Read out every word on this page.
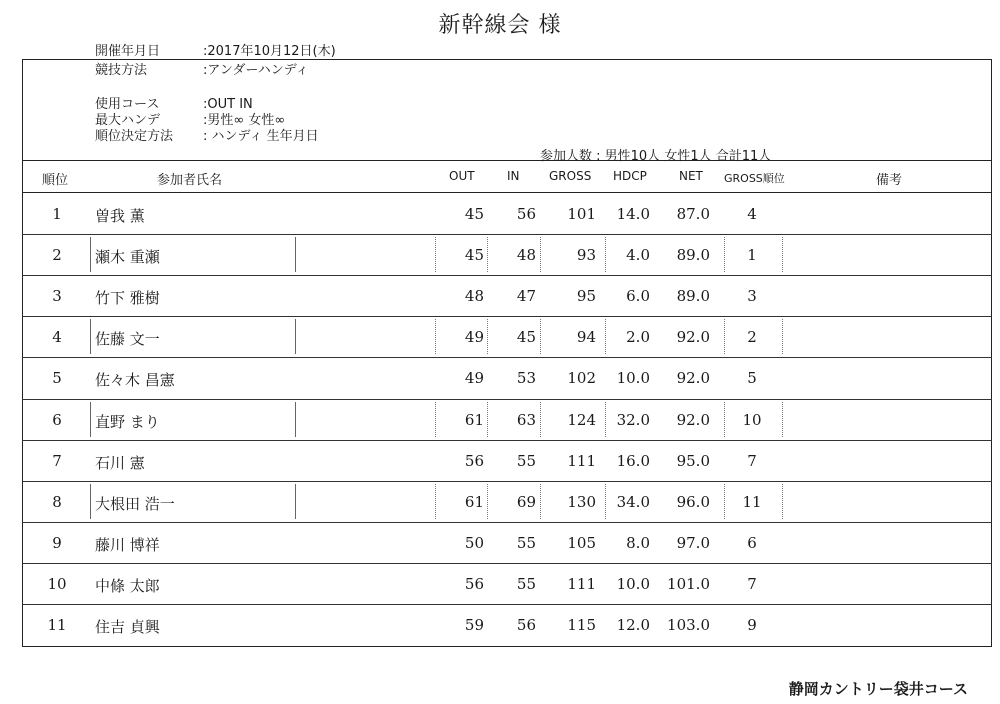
新幹線会 様
開催年月日	:2017年10月12日(木)
競技方法	:アンダーハンディ
使用コース	:OUT IN
最大ハンデ	:男性∞ 女性∞
順位決定方法 : ハンディ 生年月日
参加人数 : 男性10人 女性1人 合計11人
順位	参加者氏名	OUT	IN GROSS HDCP	NET GROSS順位	備考
1	曽我 薫	45 56 101 14.0 87.0	4
2	瀬木 重瀬	45 48	93 4.0 89.0	1
3	竹下 雅樹	48 47	95 6.0 89.0	3
4	佐藤 文一	49 45	94 2.0 92.0	2
5	佐々木 昌憲	49 53 102 10.0 92.0	5
6	直野 まり	61 63 124 32.0 92.0	10
7	石川 憲	56 55 111 16.0 95.0	7
8	大根田 浩一	61 69 130 34.0 96.0	11
9	藤川 博祥	50 55 105 8.0 97.0	6
10	中條 太郎	56 55 111 10.0 101.0	7
11	住吉 貞興	59 56 115 12.0 103.0	9
静岡カントリー袋井コース
